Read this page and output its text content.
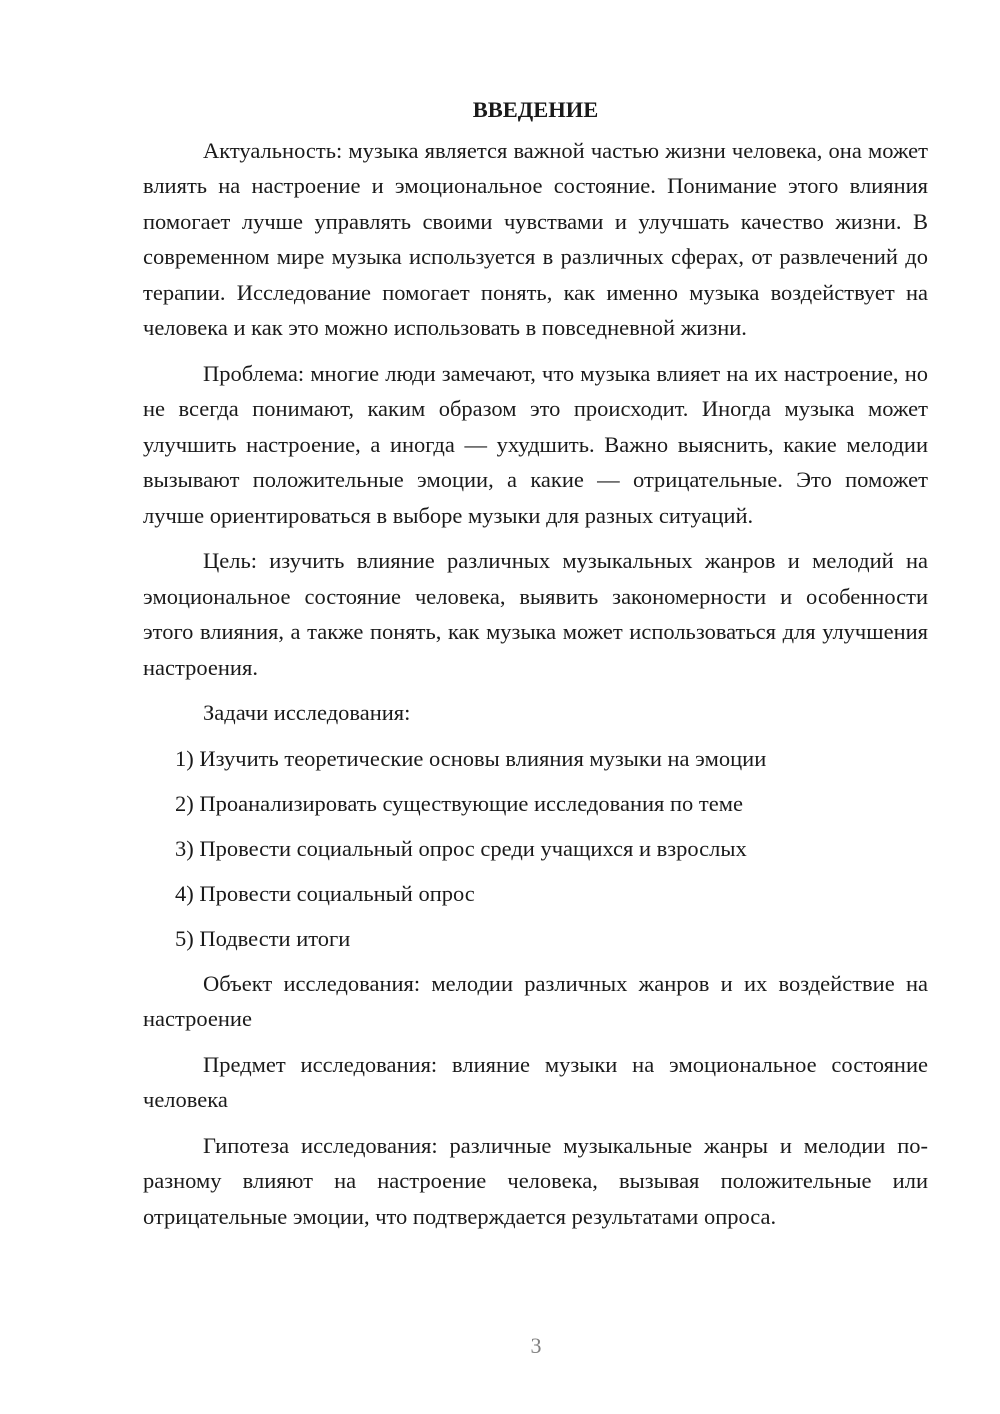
ВВЕДЕНИЕ

Актуальность: музыка является важной частью жизни человека, она может влиять на настроение и эмоциональное состояние. Понимание этого влияния помогает лучше управлять своими чувствами и улучшать качество жизни. В современном мире музыка используется в различных сферах, от развлечений до терапии. Исследование помогает понять, как именно музыка воздействует на человека и как это можно использовать в повседневной жизни.

Проблема: многие люди замечают, что музыка влияет на их настроение, но не всегда понимают, каким образом это происходит. Иногда музыка может улучшить настроение, а иногда — ухудшить. Важно выяснить, какие мелодии вызывают положительные эмоции, а какие — отрицательные. Это поможет лучше ориентироваться в выборе музыки для разных ситуаций.

Цель: изучить влияние различных музыкальных жанров и мелодий на эмоциональное состояние человека, выявить закономерности и особенности этого влияния, а также понять, как музыка может использоваться для улучшения настроения.

Задачи исследования:

1) Изучить теоретические основы влияния музыки на эмоции
2) Проанализировать существующие исследования по теме
3) Провести социальный опрос среди учащихся и взрослых
4) Провести социальный опрос
5) Подвести итоги

Объект исследования: мелодии различных жанров и их воздействие на настроение

Предмет исследования: влияние музыки на эмоциональное состояние человека

Гипотеза исследования: различные музыкальные жанры и мелодии по-разному влияют на настроение человека, вызывая положительные или отрицательные эмоции, что подтверждается результатами опроса.

3
